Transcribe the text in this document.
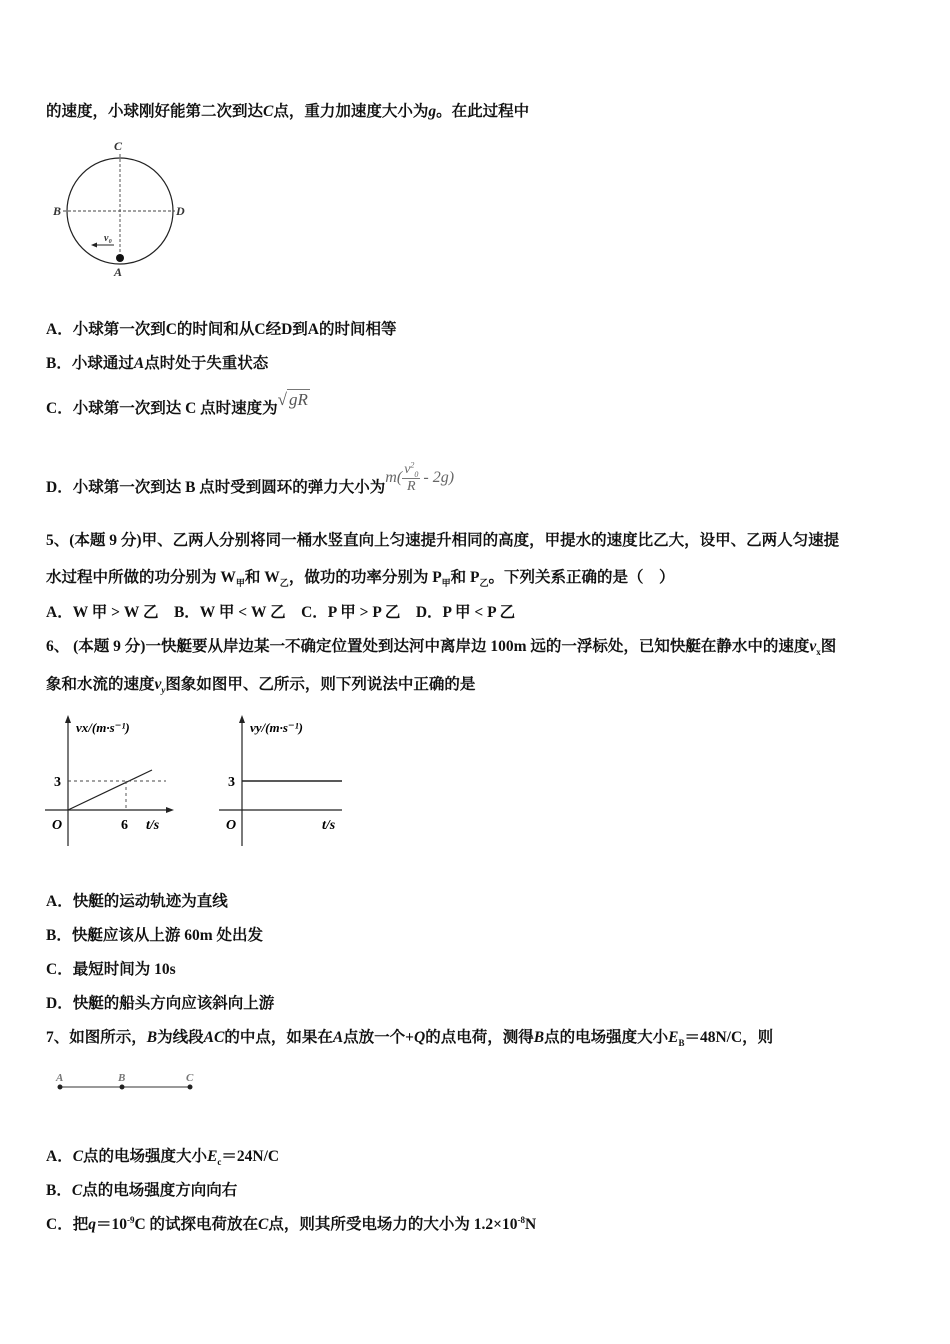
的速度，小球刚好能第二次到达C点，重力加速度大小为g。在此过程中
C
B	D
A
v₀
A．小球第一次到C的时间和从C经D到A的时间相等
B．小球通过A点时处于失重状态
C．小球第一次到达 C 点时速度为√ gR
D．小球第一次到达 B 点时受到圆环的弹力大小为$m( \frac{v^2_0}{R} - 2g)$
5、(本题 9 分)甲、乙两人分别将同一桶水竖直向上匀速提升相同的高度，甲提水的速度比乙大，设甲、乙两人匀速提
水过程中所做的功分别为 $W_甲$和 $W_乙$，做功的功率分别为 $P_甲$和 $P_乙$。下列关系正确的是（　）
A．W 甲 > W 乙　B．W 甲 < W 乙　C．P 甲 > P 乙　D．P 甲 < P 乙
6、 (本题 9 分)一快艇要从岸边某一不确定位置处到达河中离岸边 100m 远的一浮标处，已知快艇在静水中的速度$v_x$图
象和水流的速度$v_y$图象如图甲、乙所示，则下列说法中正确的是
vx/(m·s⁻¹)
3
O	6 t/s
vy/(m·s⁻¹)
3
O	t/s
A．快艇的运动轨迹为直线
B．快艇应该从上游 60m 处出发
C．最短时间为 10s
D．快艇的船头方向应该斜向上游
7、如图所示，B为线段AC的中点，如果在A点放一个+Q的点电荷，测得B点的电场强度大小$E_B=48N/C$，则
A	B	C
A．C点的电场强度大小$E_c=24N/C$
B．C点的电场强度方向向右
C．把$q=10^{-9}C$ 的试探电荷放在C点，则其所受电场力的大小为 $1.2\times 10^{-8}N$
